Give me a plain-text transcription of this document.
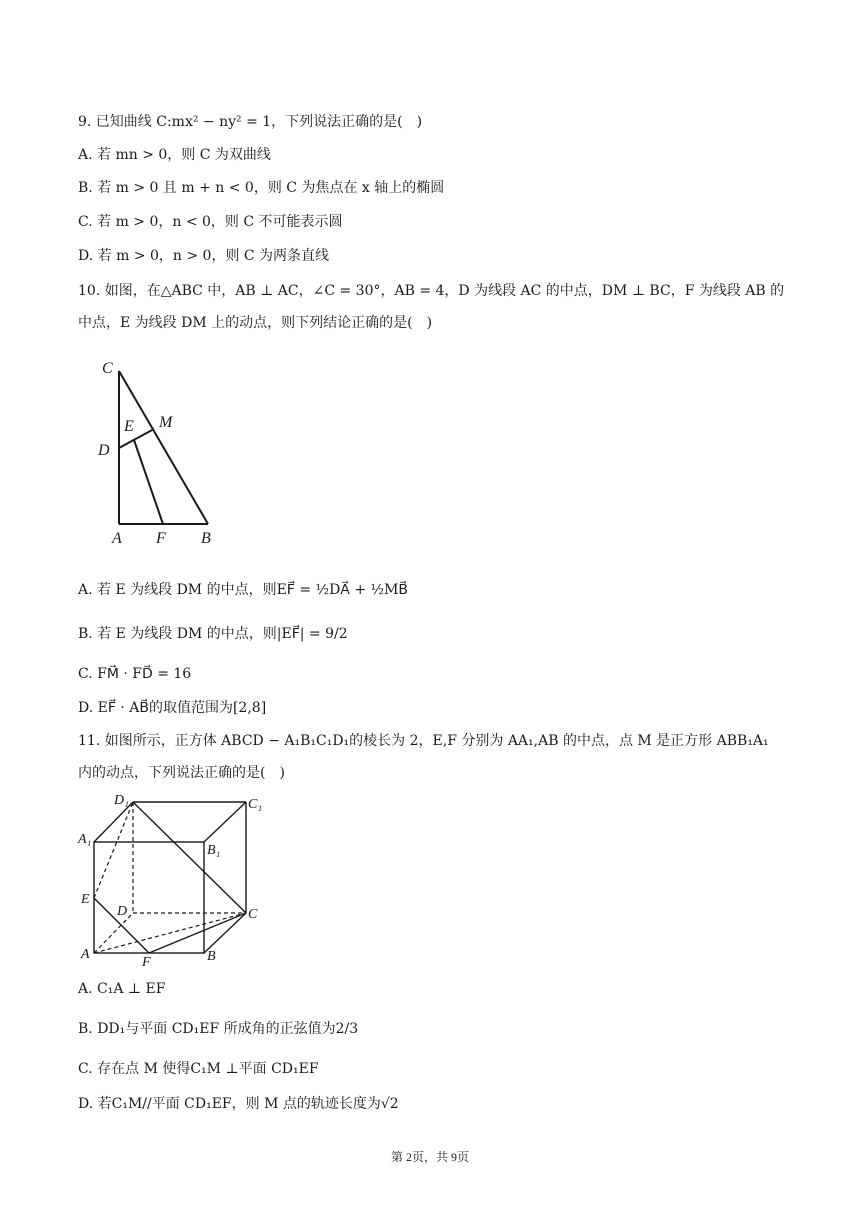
9. 已知曲线 C:mx² − ny² = 1，下列说法正确的是(　)
A. 若 mn > 0，则 C 为双曲线
B. 若 m > 0 且 m + n < 0，则 C 为焦点在 x 轴上的椭圆
C. 若 m > 0，n < 0，则 C 不可能表示圆
D. 若 m > 0，n > 0，则 C 为两条直线
10. 如图，在△ABC 中，AB ⊥ AC，∠C = 30°，AB = 4，D 为线段 AC 的中点，DM ⊥ BC，F 为线段 AB 的
中点，E 为线段 DM 上的动点，则下列结论正确的是(　)
C
M
E
D
A F B
A. 若 E 为线段 DM 的中点，则EF⃗ = ½DA⃗ + ½MB⃗
B. 若 E 为线段 DM 的中点，则|EF⃗| = 9/2
C. FM⃗ · FD⃗ = 16
D. EF⃗ · AB⃗的取值范围为[2,8]
11. 如图所示，正方体 ABCD − A₁B₁C₁D₁的棱长为 2，E,F 分别为 AA₁,AB 的中点，点 M 是正方形 ABB₁A₁
内的动点，下列说法正确的是(　)
D₁	C₁
A₁
B₁
E
D	C
A
F	B
A. C₁A ⊥ EF
B. DD₁与平面 CD₁EF 所成角的正弦值为2/3
C. 存在点 M 使得C₁M ⊥平面 CD₁EF
D. 若C₁M//平面 CD₁EF，则 M 点的轨迹长度为√2
第 2页，共 9页
